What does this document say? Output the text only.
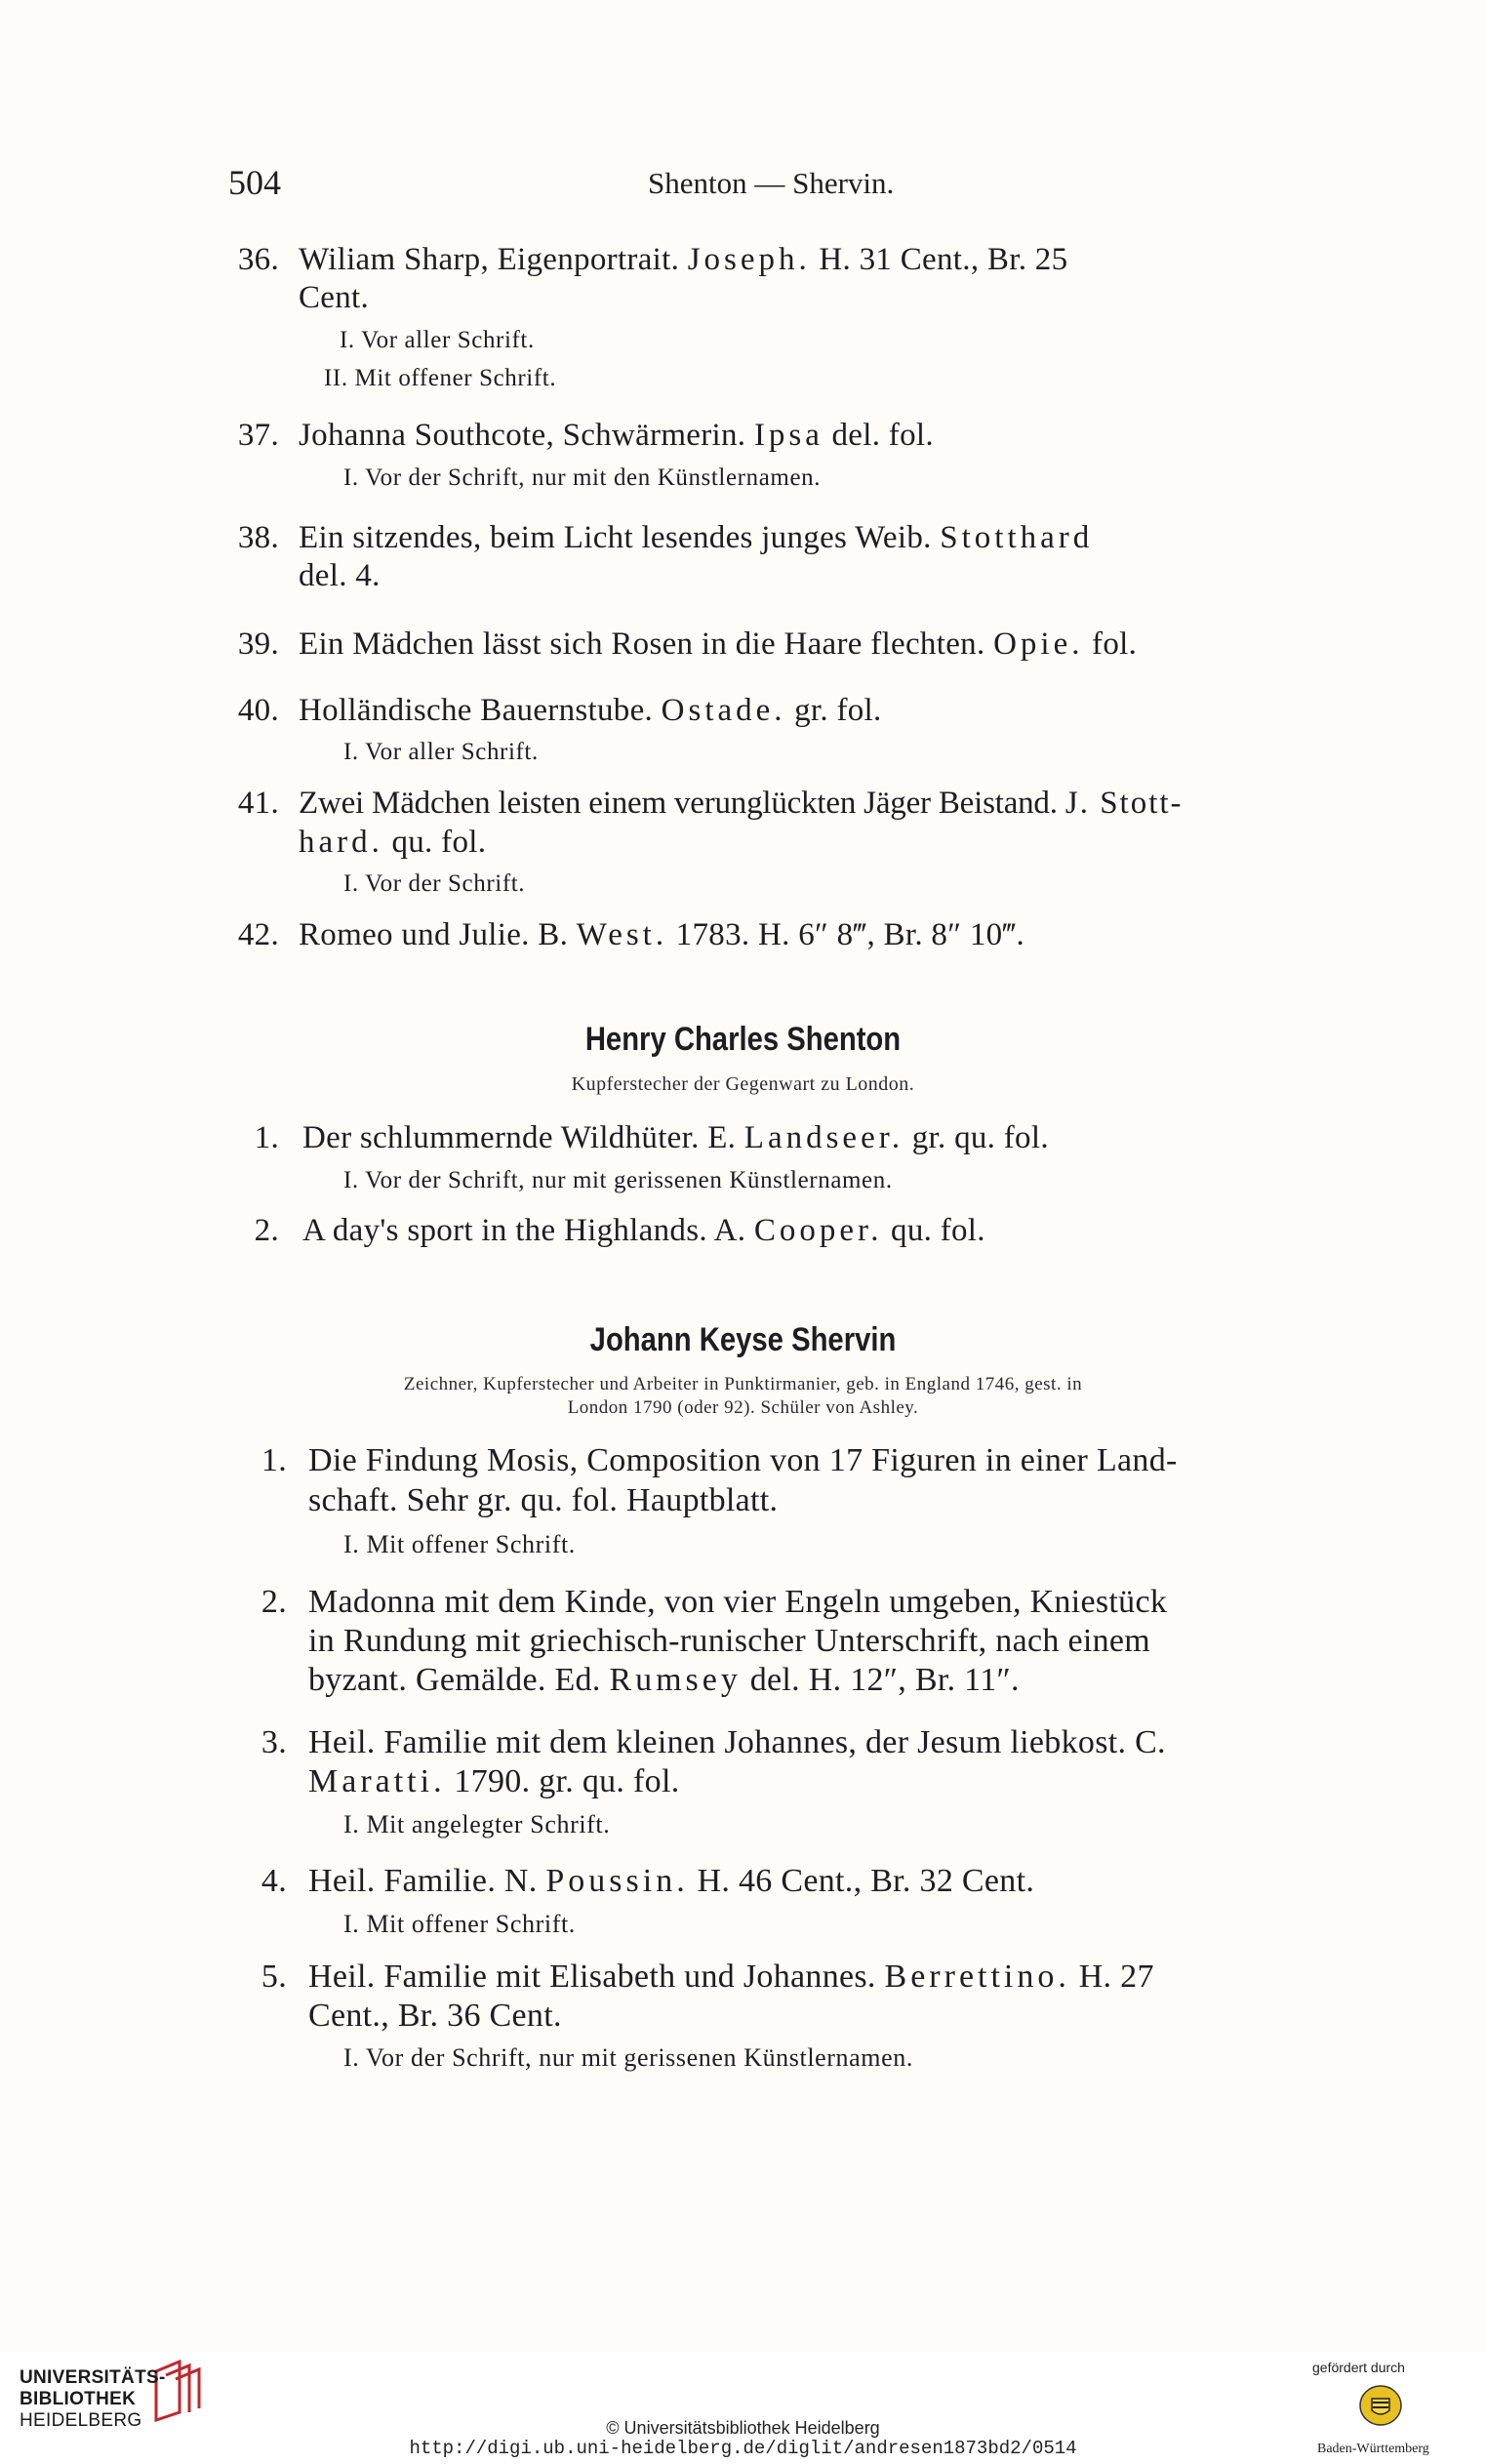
504	Shenton — Shervin.
36. Wiliam Sharp, Eigenportrait. Joseph. H. 31 Cent., Br. 25
Cent.
I. Vor aller Schrift.
II. Mit offener Schrift.
37. Johanna Southcote, Schwärmerin. Ipsa del. fol.
I. Vor der Schrift, nur mit den Künstlernamen.
38. Ein sitzendes, beim Licht lesendes junges Weib. Stotthard
del. 4.
39. Ein Mädchen lässt sich Rosen in die Haare flechten. Opie. fol.
40. Holländische Bauernstube. Ostade. gr. fol.
I. Vor aller Schrift.
41. Zwei Mädchen leisten einem verunglückten Jäger Beistand. J. Stott-
hard. qu. fol.
I. Vor der Schrift.
42. Romeo und Julie. B. West. 1783. H. 6″ 8‴, Br. 8″ 10‴.
Henry Charles Shenton
Kupferstecher der Gegenwart zu London.
1. Der schlummernde Wildhüter. E. Landseer. gr. qu. fol.
I. Vor der Schrift, nur mit gerissenen Künstlernamen.
2. A day's sport in the Highlands. A. Cooper. qu. fol.
Johann Keyse Shervin
Zeichner, Kupferstecher und Arbeiter in Punktirmanier, geb. in England 1746, gest. in
London 1790 (oder 92). Schüler von Ashley.
1. Die Findung Mosis, Composition von 17 Figuren in einer Land-
schaft. Sehr gr. qu. fol. Hauptblatt.
I. Mit offener Schrift.
2. Madonna mit dem Kinde, von vier Engeln umgeben, Kniestück
in Rundung mit griechisch-runischer Unterschrift, nach einem
byzant. Gemälde. Ed. Rumsey del. H. 12″, Br. 11″.
3. Heil. Familie mit dem kleinen Johannes, der Jesum liebkost. C.
Maratti. 1790. gr. qu. fol.
I. Mit angelegter Schrift.
4. Heil. Familie. N. Poussin. H. 46 Cent., Br. 32 Cent.
I. Mit offener Schrift.
5. Heil. Familie mit Elisabeth und Johannes. Berrettino. H. 27
Cent., Br. 36 Cent.
I. Vor der Schrift, nur mit gerissenen Künstlernamen.
UNIVERSITÄTS-
BIBLIOTHEK
HEIDELBERG	© Universitätsbibliothek Heidelberg
http://digi.ub.uni-heidelberg.de/diglit/andresen1873bd2/0514
gefördert durch
Baden-Württemberg
